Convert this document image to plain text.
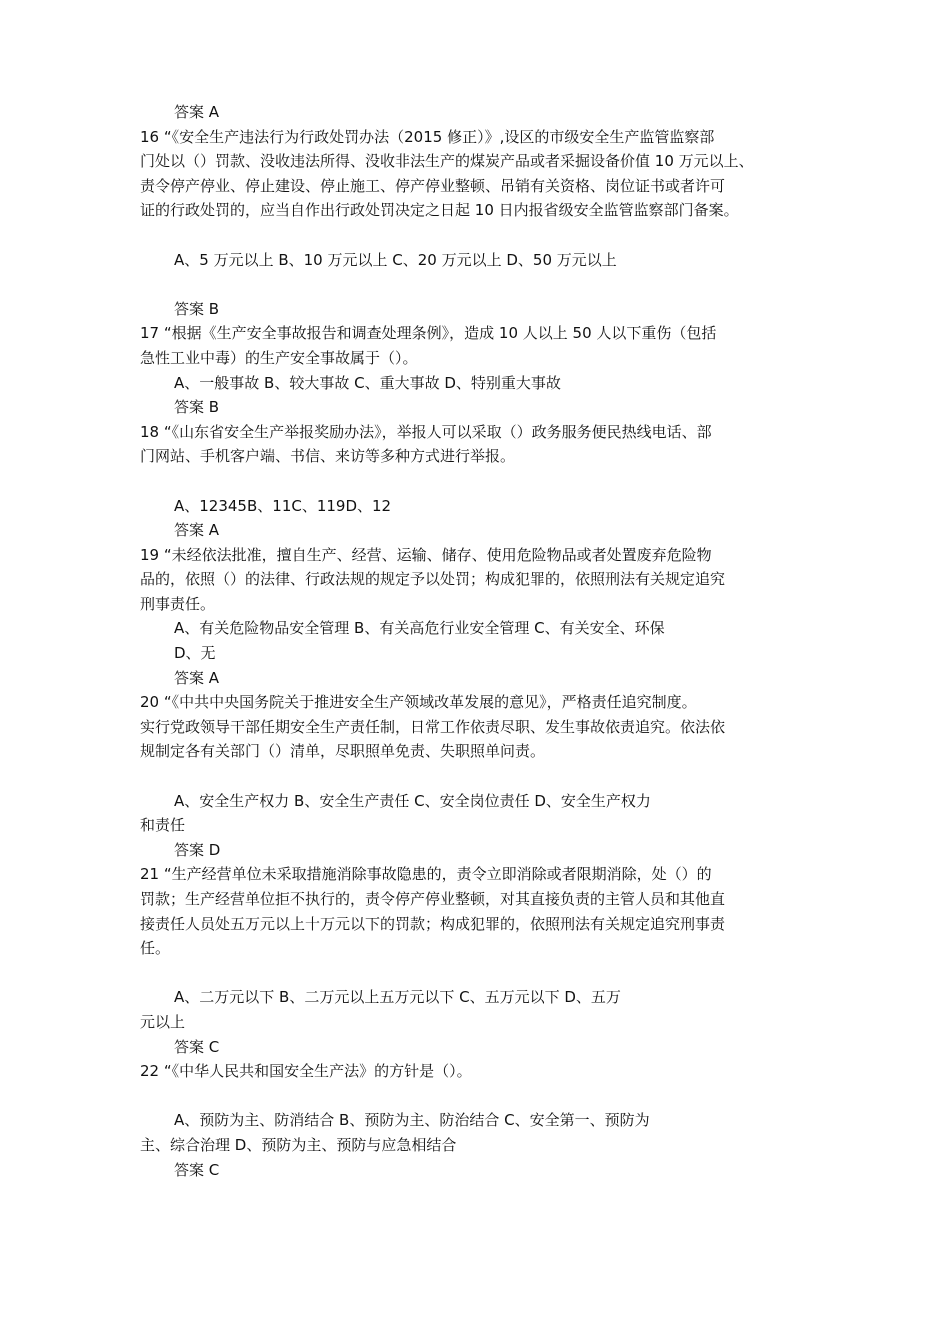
答案 A
16 “《安全生产违法行为行政处罚办法（2015 修正）》,设区的市级安全生产监管监察部
门处以（）罚款、没收违法所得、没收非法生产的煤炭产品或者采掘设备价值 10 万元以上、
责令停产停业、停止建设、停止施工、停产停业整顿、吊销有关资格、岗位证书或者许可
证的行政处罚的，应当自作出行政处罚决定之日起 10 日内报省级安全监管监察部门备案。
A、5 万元以上 B、10 万元以上 C、20 万元以上 D、50 万元以上
答案 B
17 “根据《生产安全事故报告和调查处理条例》，造成 10 人以上 50 人以下重伤（包括
急性工业中毒）的生产安全事故属于（）。
A、一般事故 B、较大事故 C、重大事故 D、特别重大事故
答案 B
18 “《山东省安全生产举报奖励办法》，举报人可以采取（）政务服务便民热线电话、部
门网站、手机客户端、书信、来访等多种方式进行举报。
A、12345B、11C、119D、12
答案 A
19 “未经依法批准，擅自生产、经营、运输、储存、使用危险物品或者处置废弃危险物
品的，依照（）的法律、行政法规的规定予以处罚；构成犯罪的，依照刑法有关规定追究
刑事责任。
A、有关危险物品安全管理 B、有关高危行业安全管理 C、有关安全、环保
D、无
答案 A
20 “《中共中央国务院关于推进安全生产领域改革发展的意见》，严格责任追究制度。
实行党政领导干部任期安全生产责任制，日常工作依责尽职、发生事故依责追究。依法依
规制定各有关部门（）清单，尽职照单免责、失职照单问责。
A、安全生产权力 B、安全生产责任 C、安全岗位责任 D、安全生产权力
和责任
答案 D
21 “生产经营单位未采取措施消除事故隐患的，责令立即消除或者限期消除，处（）的
罚款；生产经营单位拒不执行的，责令停产停业整顿，对其直接负责的主管人员和其他直
接责任人员处五万元以上十万元以下的罚款；构成犯罪的，依照刑法有关规定追究刑事责
任。
A、二万元以下 B、二万元以上五万元以下 C、五万元以下 D、五万
元以上
答案 C
22 “《中华人民共和国安全生产法》的方针是（）。
A、预防为主、防消结合 B、预防为主、防治结合 C、安全第一、预防为
主、综合治理 D、预防为主、预防与应急相结合
答案 C
